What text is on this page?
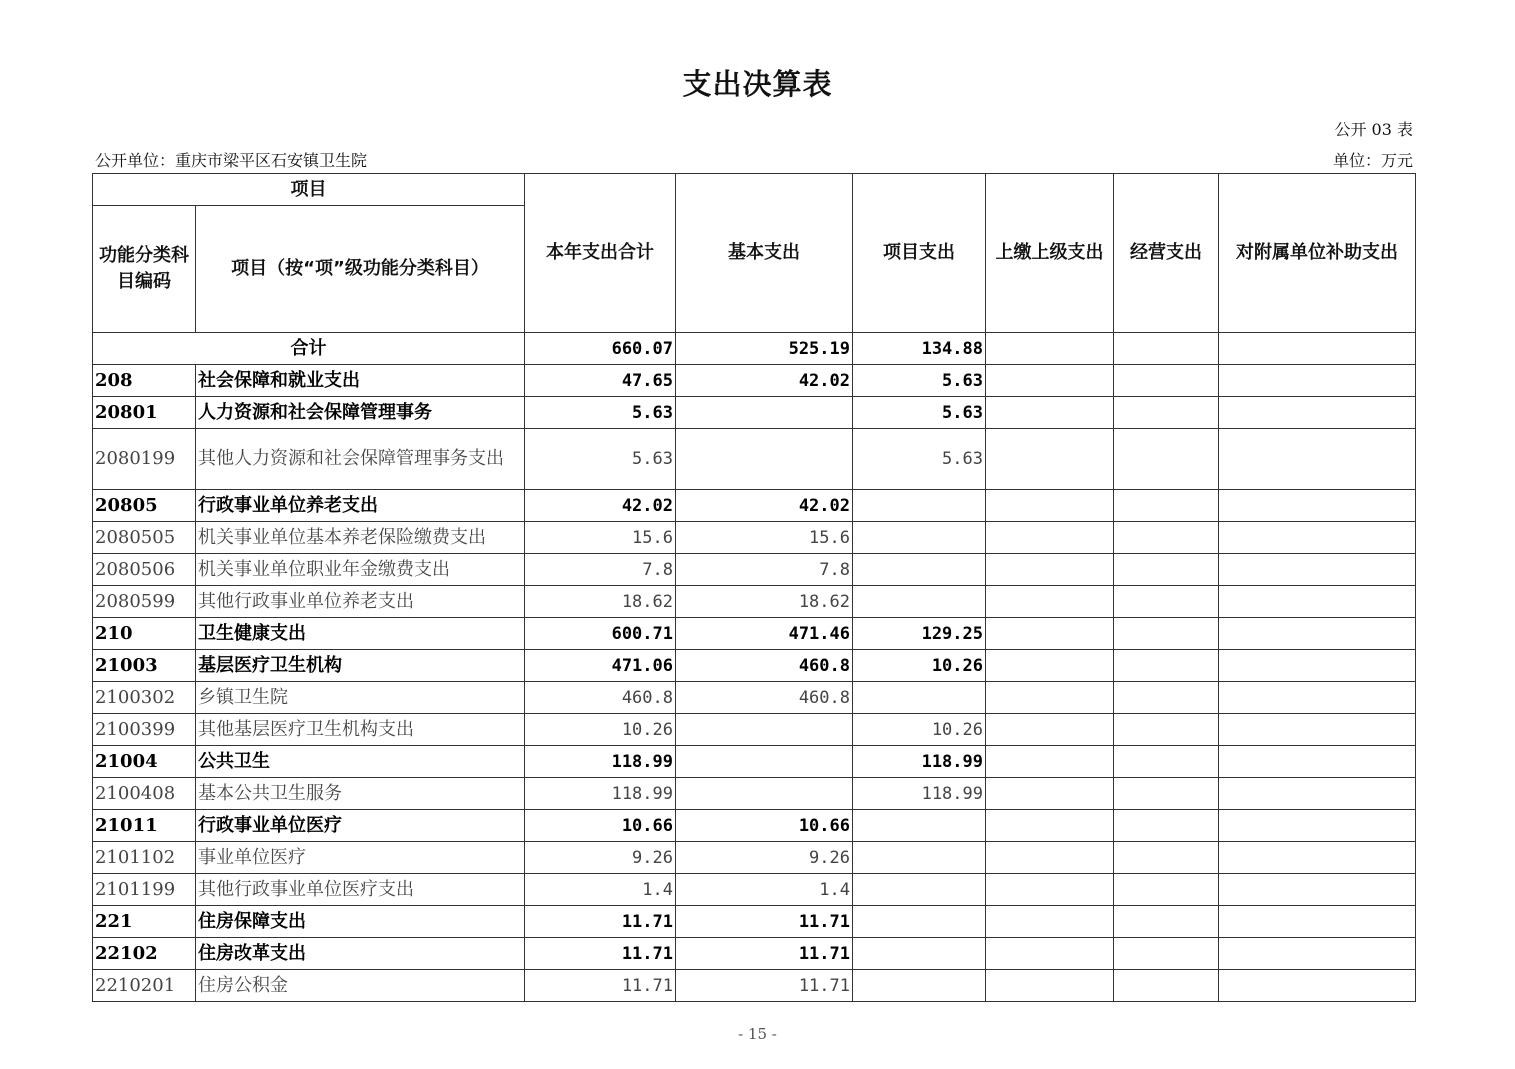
支出决算表
公开 03 表
公开单位：重庆市梁平区石安镇卫生院	单位：万元
项目		本年支出合计	基本支出	项目支出	上缴上级支出	经营支出	对附属单位补助支出
功能分类科目编码	项目（按“项”级功能分类科目）						
合计		660.07	525.19	134.88			
208	社会保障和就业支出	47.65	42.02	5.63			
20801	人力资源和社会保障管理事务	5.63		5.63			
2080199	其他人力资源和社会保障管理事务支出	5.63		5.63			
20805	行政事业单位养老支出	42.02	42.02				
2080505	机关事业单位基本养老保险缴费支出	15.6	15.6				
2080506	机关事业单位职业年金缴费支出	7.8	7.8				
2080599	其他行政事业单位养老支出	18.62	18.62				
210	卫生健康支出	600.71	471.46	129.25			
21003	基层医疗卫生机构	471.06	460.8	10.26			
2100302	乡镇卫生院	460.8	460.8				
2100399	其他基层医疗卫生机构支出	10.26		10.26			
21004	公共卫生	118.99		118.99			
2100408	基本公共卫生服务	118.99		118.99			
21011	行政事业单位医疗	10.66	10.66				
2101102	事业单位医疗	9.26	9.26				
2101199	其他行政事业单位医疗支出	1.4	1.4				
221	住房保障支出	11.71	11.71				
22102	住房改革支出	11.71	11.71				
2210201	住房公积金	11.71	11.71				
- 15 -
